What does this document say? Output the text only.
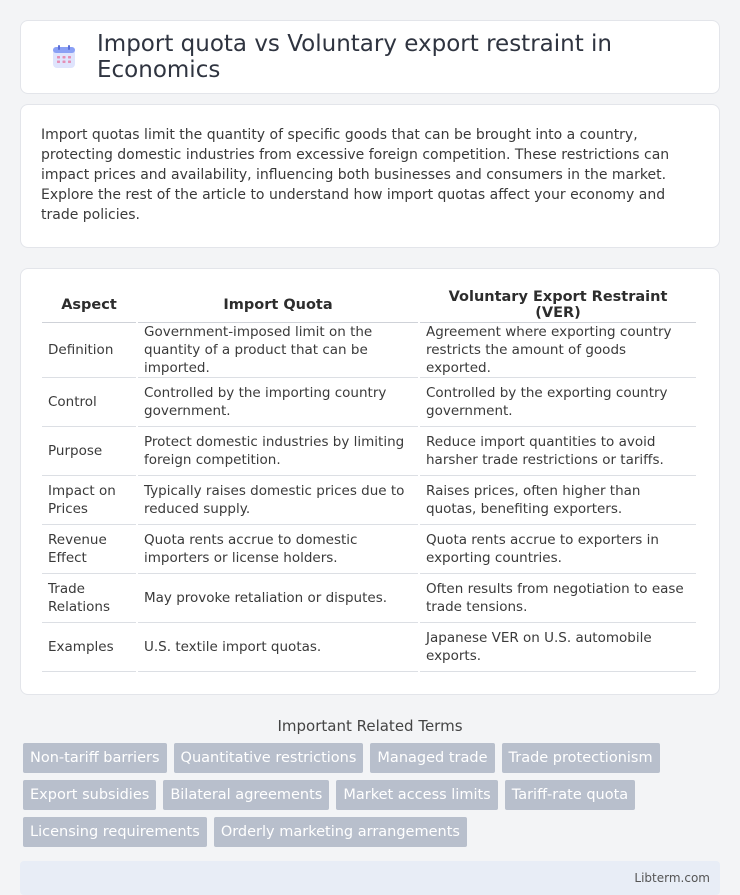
Import quota vs Voluntary export restraint in Economics

Import quotas limit the quantity of specific goods that can be brought into a country, protecting domestic industries from excessive foreign competition. These restrictions can impact prices and availability, influencing both businesses and consumers in the market. Explore the rest of the article to understand how import quotas affect your economy and trade policies.

Aspect	Import Quota	Voluntary Export Restraint (VER)
Definition	Government-imposed limit on the quantity of a product that can be imported.	Agreement where exporting country restricts the amount of goods exported.
Control	Controlled by the importing country government.	Controlled by the exporting country government.
Purpose	Protect domestic industries by limiting foreign competition.	Reduce import quantities to avoid harsher trade restrictions or tariffs.
Impact on Prices	Typically raises domestic prices due to reduced supply.	Raises prices, often higher than quotas, benefiting exporters.
Revenue Effect	Quota rents accrue to domestic importers or license holders.	Quota rents accrue to exporters in exporting countries.
Trade Relations	May provoke retaliation or disputes.	Often results from negotiation to ease trade tensions.
Examples	U.S. textile import quotas.	Japanese VER on U.S. automobile exports.
Important Related Terms
Non-tariff barriers	Quantitative restrictions	Managed trade	Trade protectionism
Export subsidies	Bilateral agreements	Market access limits	Tariff-rate quota
Licensing requirements	Orderly marketing arrangements
Libterm.com
